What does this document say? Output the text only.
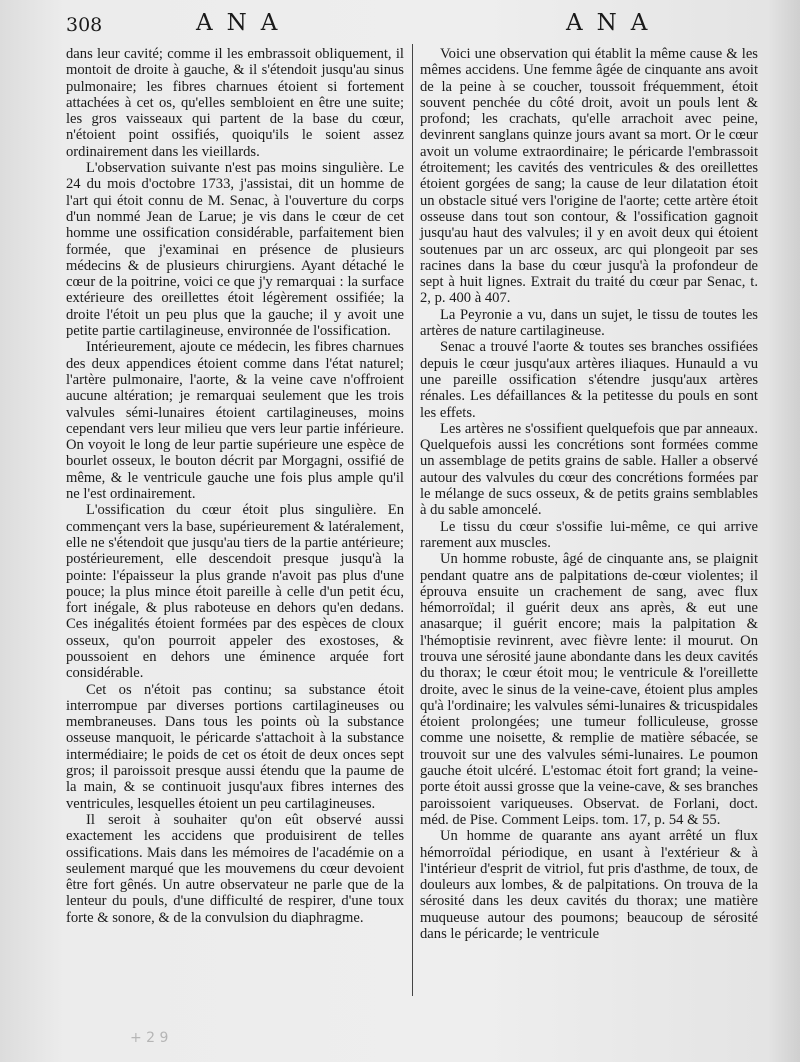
308	ANA	ANA

dans leur cavité; comme il les embrassoit obliquement, il montoit de droite à gauche, & il s'étendoit jusqu'au sinus pulmonaire; les fibres charnues étoient si fortement attachées à cet os, qu'elles sembloient en être une suite; les gros vaisseaux qui partent de la base du cœur, n'étoient point ossifiés, quoiqu'ils le soient assez ordinairement dans les vieillards.

L'observation suivante n'est pas moins singulière. Le 24 du mois d'octobre 1733, j'assistai, dit un homme de l'art qui étoit connu de M. Senac, à l'ouverture du corps d'un nommé Jean de Larue; je vis dans le cœur de cet homme une ossification considérable, parfaitement bien formée, que j'examinai en présence de plusieurs médecins & de plusieurs chirurgiens. Ayant détaché le cœur de la poitrine, voici ce que j'y remarquai : la surface extérieure des oreillettes étoit légèrement ossifiée; la droite l'étoit un peu plus que la gauche; il y avoit une petite partie cartilagineuse, environnée de l'ossification.

Intérieurement, ajoute ce médecin, les fibres charnues des deux appendices étoient comme dans l'état naturel; l'artère pulmonaire, l'aorte, & la veine cave n'offroient aucune altération; je remarquai seulement que les trois valvules sémi-lunaires étoient cartilagineuses, moins cependant vers leur milieu que vers leur partie inférieure. On voyoit le long de leur partie supérieure une espèce de bourlet osseux, le bouton décrit par Morgagni, ossifié de même, & le ventricule gauche une fois plus ample qu'il ne l'est ordinairement.

L'ossification du cœur étoit plus singulière. En commençant vers la base, supérieurement & latéralement, elle ne s'étendoit que jusqu'au tiers de la partie antérieure; postérieurement, elle descendoit presque jusqu'à la pointe: l'épaisseur la plus grande n'avoit pas plus d'une pouce; la plus mince étoit pareille à celle d'un petit écu, fort inégale, & plus raboteuse en dehors qu'en dedans. Ces inégalités étoient formées par des espèces de cloux osseux, qu'on pourroit appeler des exostoses, & poussoient en dehors une éminence arquée fort considérable.

Cet os n'étoit pas continu; sa substance étoit interrompue par diverses portions cartilagineuses ou membraneuses. Dans tous les points où la substance osseuse manquoit, le péricarde s'attachoit à la substance intermédiaire; le poids de cet os étoit de deux onces sept gros; il paroissoit presque aussi étendu que la paume de la main, & se continuoit jusqu'aux fibres internes des ventricules, lesquelles étoient un peu cartilagineuses.

Il seroit à souhaiter qu'on eût observé aussi exactement les accidens que produisirent de telles ossifications. Mais dans les mémoires de l'académie on a seulement marqué que les mouvemens du cœur devoient être fort gênés. Un autre observateur ne parle que de la lenteur du pouls, d'une difficulté de respirer, d'une toux forte & sonore, & de la convulsion du diaphragme.

Voici une observation qui établit la même cause & les mêmes accidens. Une femme âgée de cinquante ans avoit de la peine à se coucher, toussoit fréquemment, étoit souvent penchée du côté droit, avoit un pouls lent & profond; les crachats, qu'elle arrachoit avec peine, devinrent sanglans quinze jours avant sa mort. Or le cœur avoit un volume extraordinaire; le péricarde l'embrassoit étroitement; les cavités des ventricules & des oreillettes étoient gorgées de sang; la cause de leur dilatation étoit un obstacle situé vers l'origine de l'aorte; cette artère étoit osseuse dans tout son contour, & l'ossification gagnoit jusqu'au haut des valvules; il y en avoit deux qui étoient soutenues par un arc osseux, arc qui plongeoit par ses racines dans la base du cœur jusqu'à la profondeur de sept à huit lignes. Extrait du traité du cœur par Senac, t. 2, p. 400 à 407.

La Peyronie a vu, dans un sujet, le tissu de toutes les artères de nature cartilagineuse.

Senac a trouvé l'aorte & toutes ses branches ossifiées depuis le cœur jusqu'aux artères iliaques. Hunauld a vu une pareille ossification s'étendre jusqu'aux artères rénales. Les défaillances & la petitesse du pouls en sont les effets.

Les artères ne s'ossifient quelquefois que par anneaux. Quelquefois aussi les concrétions sont formées comme un assemblage de petits grains de sable. Haller a observé autour des valvules du cœur des concrétions formées par le mélange de sucs osseux, & de petits grains semblables à du sable amoncelé.

Le tissu du cœur s'ossifie lui-même, ce qui arrive rarement aux muscles.

Un homme robuste, âgé de cinquante ans, se plaignit pendant quatre ans de palpitations de-cœur violentes; il éprouva ensuite un crachement de sang, avec flux hémorroïdal; il guérit deux ans après, & eut une anasarque; il guérit encore; mais la palpitation & l'hémoptisie revinrent, avec fièvre lente: il mourut. On trouva une sérosité jaune abondante dans les deux cavités du thorax; le cœur étoit mou; le ventricule & l'oreillette droite, avec le sinus de la veine-cave, étoient plus amples qu'à l'ordinaire; les valvules sémi-lunaires & tricuspidales étoient prolongées; une tumeur folliculeuse, grosse comme une noisette, & remplie de matière sébacée, se trouvoit sur une des valvules sémi-lunaires. Le poumon gauche étoit ulcéré. L'estomac étoit fort grand; la veine-porte étoit aussi grosse que la veine-cave, & ses branches paroissoient variqueuses. Observat. de Forlani, doct. méd. de Pise. Comment Leips. tom. 17, p. 54 & 55.

Un homme de quarante ans ayant arrêté un flux hémorroïdal périodique, en usant à l'extérieur & à l'intérieur d'esprit de vitriol, fut pris d'asthme, de toux, de douleurs aux lombes, & de palpitations. On trouva de la sérosité dans les deux cavités du thorax; une matière muqueuse autour des poumons; beaucoup de sérosité dans le péricarde; le ventricule

+ 2 9
